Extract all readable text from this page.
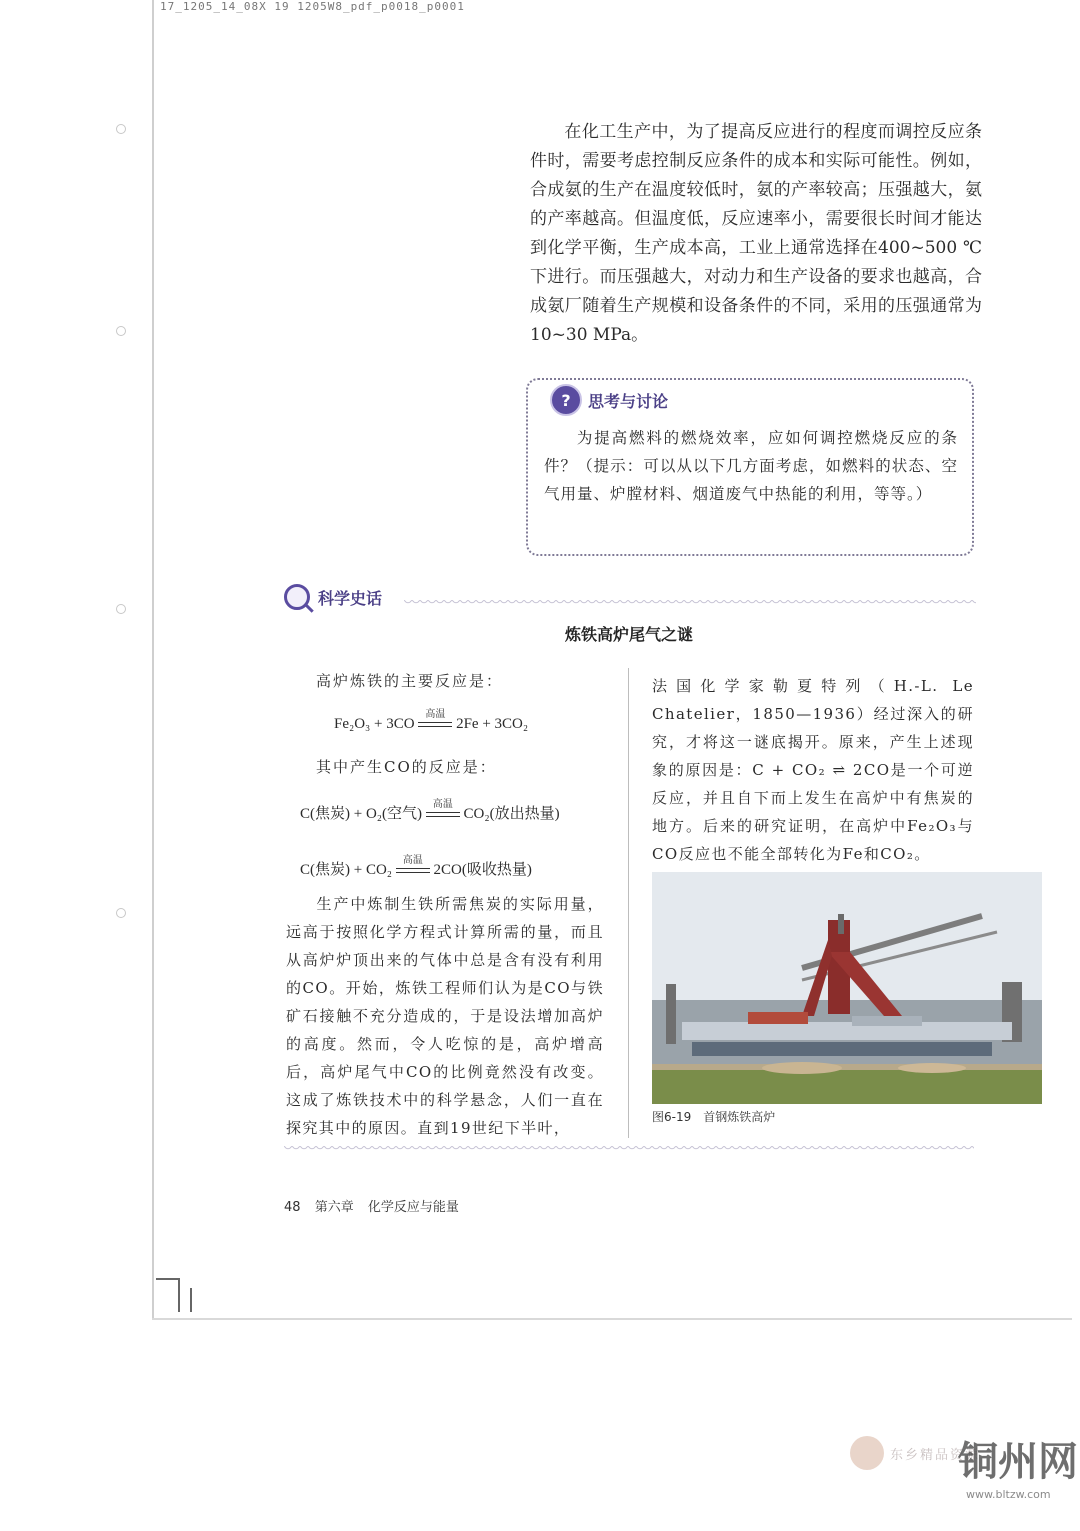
17_1205_14_08X 19 1205W8_pdf_p0018_p0001

在化工生产中，为了提高反应进行的程度而调控反应条件时，需要考虑控制反应条件的成本和实际可能性。例如，合成氨的生产在温度较低时，氨的产率较高；压强越大，氨的产率越高。但温度低，反应速率小，需要很长时间才能达到化学平衡，生产成本高，工业上通常选择在400~500 ℃下进行。而压强越大，对动力和生产设备的要求也越高，合成氨厂随着生产规模和设备条件的不同，采用的压强通常为10~30 MPa。

?	思考与讨论

为提高燃料的燃烧效率，应如何调控燃烧反应的条件？（提示：可以从以下几方面考虑，如燃料的状态、空气用量、炉膛材料、烟道废气中热能的利用，等等。）

科学史话
炼铁高炉尾气之谜
高炉炼铁的主要反应是：
Fe₂O₃ + 3CO
高温
2Fe + 3CO₂
其中产生CO的反应是：
C(焦炭) + O₂(空气)
高温
CO₂(放出热量)
C(焦炭) + CO₂
高温
2CO(吸收热量)

生产中炼制生铁所需焦炭的实际用量，远高于按照化学方程式计算所需的量，而且从高炉炉顶出来的气体中总是含有没有利用的CO。开始，炼铁工程师们认为是CO与铁矿石接触不充分造成的，于是设法增加高炉的高度。然而，令人吃惊的是，高炉增高后，高炉尾气中CO的比例竟然没有改变。这成了炼铁技术中的科学悬念，人们一直在探究其中的原因。直到19世纪下半叶，

法国化学家勒夏特列（H.-L. Le Chatelier，1850—1936）经过深入的研究，才将这一谜底揭开。原来，产生上述现象的原因是：C + CO₂ ⇌ 2CO是一个可逆反应，并且自下而上发生在高炉中有焦炭的地方。后来的研究证明，在高炉中Fe₂O₃与CO反应也不能全部转化为Fe和CO₂。

图6-19　首钢炼铁高炉
48 第六章 化学反应与能量
东乡精品资源
铜州网
www.bltzw.com
